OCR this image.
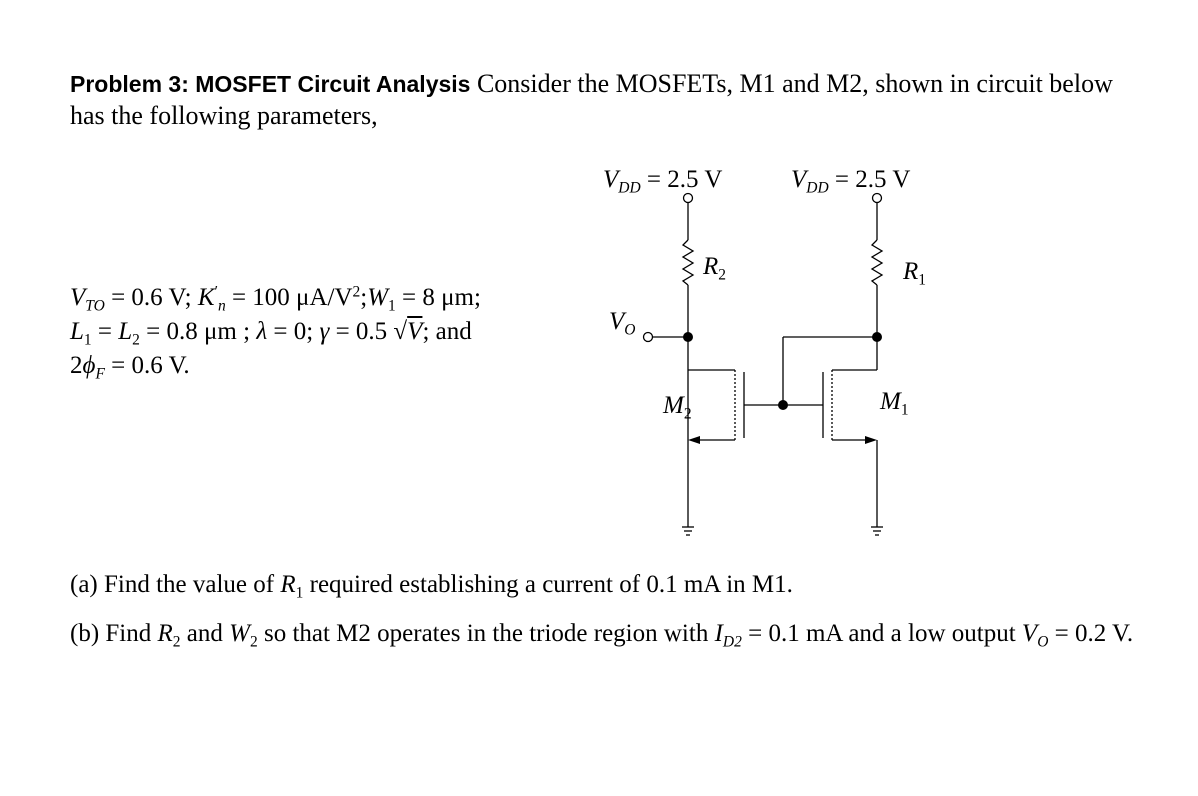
Problem 3: MOSFET Circuit Analysis Consider the MOSFETs, M1 and M2, shown in circuit below has the following parameters,
$V_{TO} = 0.6$ V; $K'_n = 100$ $\mu A/V^2;W_1 = 8$ μm;
$L_1 = L_2 = 0.8$ μm ; λ = 0; γ = 0.5 √V; and
$2\phi_F = 0.6$ V.
$V_{DD} = 2.5$ V	$V_{DD} = 2.5$ V
$R_2$	$R_1$
$V_O$
$M_2$	$M_1$
(a) Find the value of $R_1$ required establishing a current of 0.1 mA in M1.
(b) Find $R_2$ and $W_2$ so that M2 operates in the triode region with $I_{D2} = 0.1$ mA and a low output $V_O = 0.2$ V.
